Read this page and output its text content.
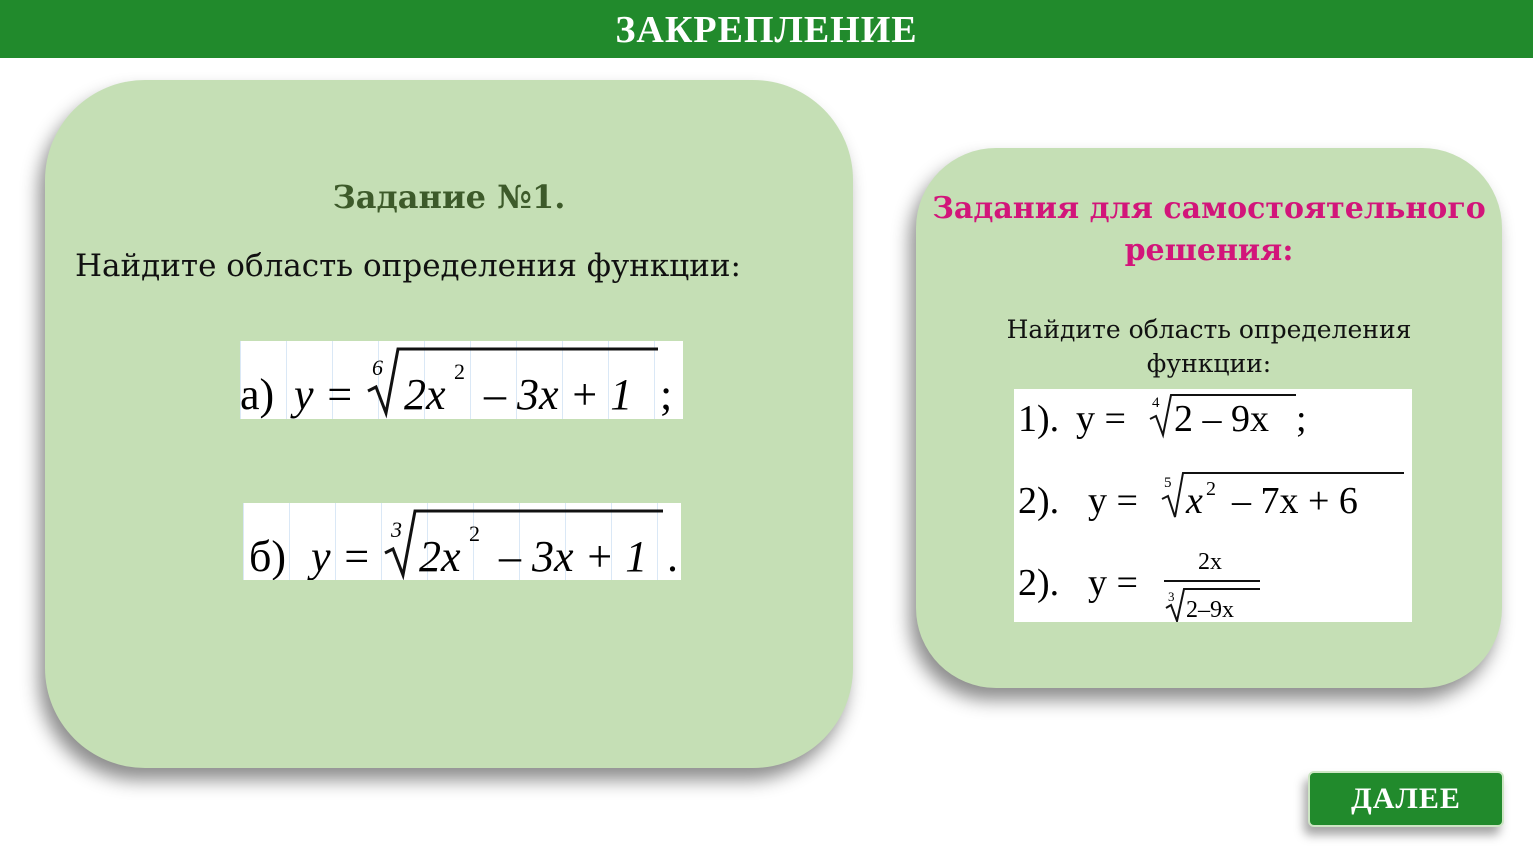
ЗАКРЕПЛЕНИЕ
Задание №1.
Найдите область определения функции:
а) y =
6
2x 2 – 3x + 1 ;
б) y =
3
2x 2 – 3x + 1 .
Задания для самостоятельного решения:
Найдите область определения функции:
1). y = 4 2 – 9x ;
2). y = 5 x 2 – 7x + 6
2). y =	2x
3
2–9x
ДАЛЕЕ
